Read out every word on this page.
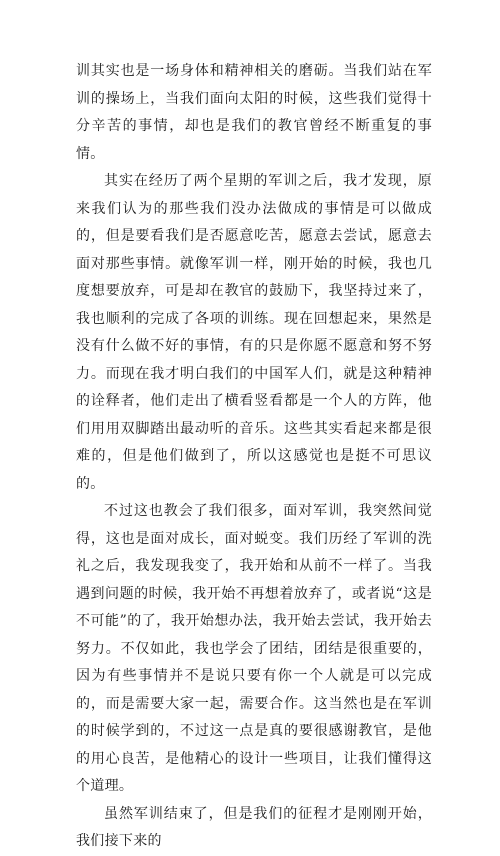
训其实也是一场身体和精神相关的磨砺。当我们站在军训的操场上，当我们面向太阳的时候，这些我们觉得十分辛苦的事情，却也是我们的教官曾经不断重复的事情。

其实在经历了两个星期的军训之后，我才发现，原来我们认为的那些我们没办法做成的事情是可以做成的，但是要看我们是否愿意吃苦，愿意去尝试，愿意去面对那些事情。就像军训一样，刚开始的时候，我也几度想要放弃，可是却在教官的鼓励下，我坚持过来了，我也顺利的完成了各项的训练。现在回想起来，果然是没有什么做不好的事情，有的只是你愿不愿意和努不努力。而现在我才明白我们的中国军人们，就是这种精神的诠释者，他们走出了横看竖看都是一个人的方阵，他们用用双脚踏出最动听的音乐。这些其实看起来都是很难的，但是他们做到了，所以这感觉也是挺不可思议的。

不过这也教会了我们很多，面对军训，我突然间觉得，这也是面对成长，面对蜕变。我们历经了军训的洗礼之后，我发现我变了，我开始和从前不一样了。当我遇到问题的时候，我开始不再想着放弃了，或者说“这是不可能”的了，我开始想办法，我开始去尝试，我开始去努力。不仅如此，我也学会了团结，团结是很重要的，因为有些事情并不是说只要有你一个人就是可以完成的，而是需要大家一起，需要合作。这当然也是在军训的时候学到的，不过这一点是真的要很感谢教官，是他的用心良苦，是他精心的设计一些项目，让我们懂得这个道理。

虽然军训结束了，但是我们的征程才是刚刚开始，我们接下来的
